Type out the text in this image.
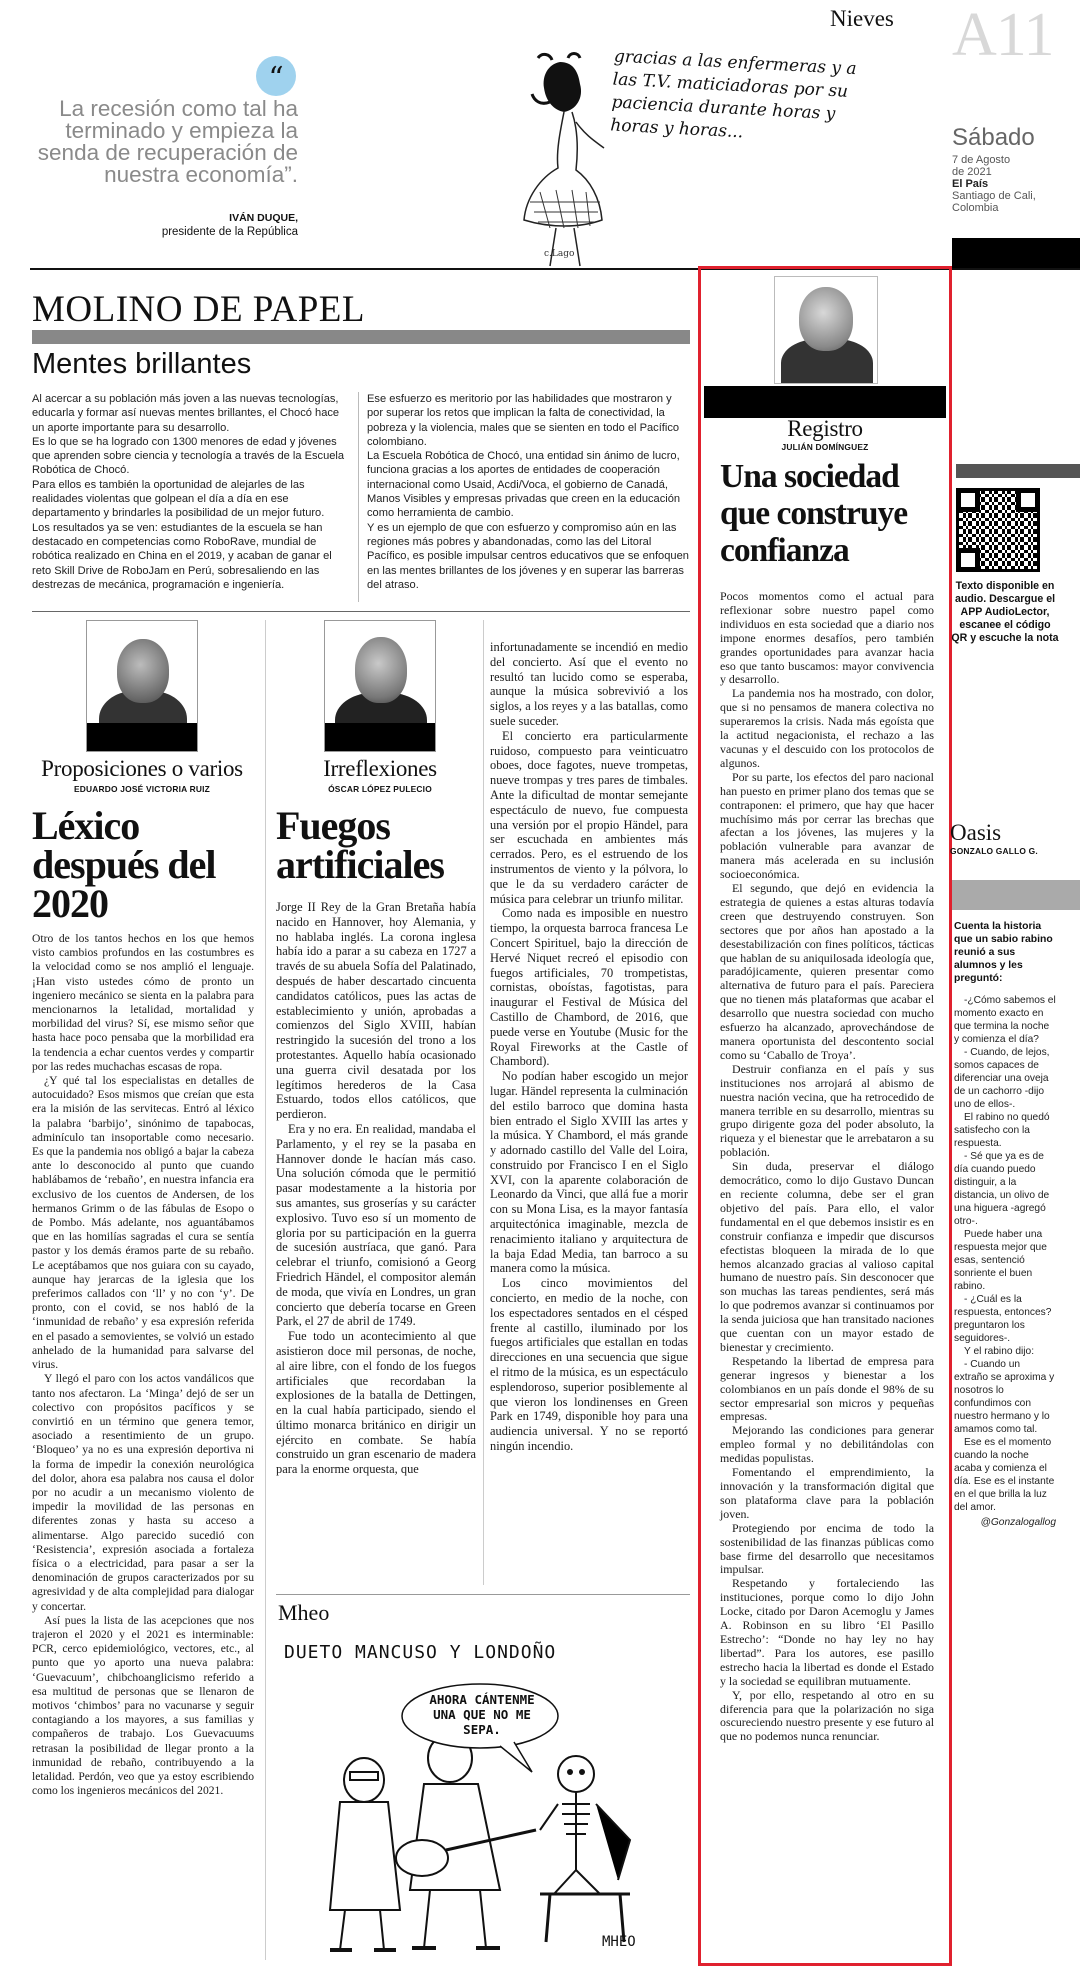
Nieves A11
Sábado
7 de Agosto
de 2021
El País
Santiago de Cali,
Colombia
“
La recesión como tal ha terminado y empieza la senda de recuperación de nuestra economía”.
IVÁN DUQUE,
presidente de la República
c.Lago
gracias a las enfermeras y a las T.V. maticiadoras por su paciencia durante horas y horas y horas...
MOLINO DE PAPEL
Mentes brillantes
Al acercar a su población más joven a las nuevas tecnologías, educarla y formar así nuevas mentes brillantes, el Chocó hace un aporte importante para su desarrollo.
Es lo que se ha logrado con 1300 menores de edad y jóvenes que aprenden sobre ciencia y tecnología a través de la Escuela Robótica de Chocó.
Para ellos es también la oportunidad de alejarles de las realidades violentas que golpean el día a día en ese departamento y brindarles la posibilidad de un mejor futuro.
Los resultados ya se ven: estudiantes de la escuela se han destacado en competencias como RoboRave, mundial de robótica realizado en China en el 2019, y acaban de ganar el reto Skill Drive de RoboJam en Perú, sobresaliendo en las destrezas de mecánica, programación e ingeniería.
Ese esfuerzo es meritorio por las habilidades que mostraron y por superar los retos que implican la falta de conectividad, la pobreza y la violencia, males que se sienten en todo el Pacífico colombiano.
La Escuela Robótica de Chocó, una entidad sin ánimo de lucro, funciona gracias a los aportes de entidades de cooperación internacional como Usaid, Acdi/Voca, el gobierno de Canadá, Manos Visibles y empresas privadas que creen en la educación como herramienta de cambio.
Y es un ejemplo de que con esfuerzo y compromiso aún en las regiones más pobres y abandonadas, como las del Litoral Pacífico, es posible impulsar centros educativos que se enfoquen en las mentes brillantes de los jóvenes y en superar las barreras del atraso.
Proposiciones o varios
EDUARDO JOSÉ VICTORIA RUIZ
Léxico después del 2020

Otro de los tantos hechos en los que hemos visto cambios profundos en las costumbres es la velocidad como se nos amplió el lenguaje. ¡Han visto ustedes cómo de pronto un ingeniero mecánico se sienta en la palabra para mencionarnos la letalidad, mortalidad y morbilidad del virus? Sí, ese mismo señor que hasta hace poco pensaba que la morbilidad era la tendencia a echar cuentos verdes y compartir por las redes muchachas escasas de ropa.

¿Y qué tal los especialistas en detalles de autocuidado? Esos mismos que creían que esta era la misión de las servitecas. Entró al léxico la palabra ‘barbijo’, sinónimo de tapabocas, adminículo tan insoportable como necesario. Es que la pandemia nos obligó a bajar la cabeza ante lo desconocido al punto que cuando hablábamos de ‘rebaño’, en nuestra infancia era exclusivo de los cuentos de Andersen, de los hermanos Grimm o de las fábulas de Esopo o de Pombo. Más adelante, nos aguantábamos que en las homilías sagradas el cura se sentía pastor y los demás éramos parte de su rebaño. Le aceptábamos que nos guiara con su cayado, aunque hay jerarcas de la iglesia que los preferimos callados con ‘ll’ y no con ‘y’. De pronto, con el covid, se nos habló de la ‘inmunidad de rebaño’ y esa expresión referida en el pasado a semovientes, se volvió un estado anhelado de la humanidad para salvarse del virus.

Y llegó el paro con los actos vandálicos que tanto nos afectaron. La ‘Minga’ dejó de ser un colectivo con propósitos pacíficos y se convirtió en un término que genera temor, asociado a resentimiento de un grupo. ‘Bloqueo’ ya no es una expresión deportiva ni la forma de impedir la conexión neurológica del dolor, ahora esa palabra nos causa el dolor por no acudir a un mecanismo violento de impedir la movilidad de las personas en diferentes zonas y hasta su acceso a alimentarse. Algo parecido sucedió con ‘Resistencia’, expresión asociada a fortaleza física o a electricidad, para pasar a ser la denominación de grupos caracterizados por su agresividad y de alta complejidad para dialogar y concertar.

Así pues la lista de las acepciones que nos trajeron el 2020 y el 2021 es interminable: PCR, cerco epidemiológico, vectores, etc., al punto que yo aporto una nueva palabra: ‘Guevacuum’, chibchoanglicismo referido a esa multitud de personas que se llenaron de motivos ‘chimbos’ para no vacunarse y seguir contagiando a los mayores, a sus familias y compañeros de trabajo. Los Guevacuums retrasan la posibilidad de llegar pronto a la inmunidad de rebaño, contribuyendo a la letalidad. Perdón, veo que ya estoy escribiendo como los ingenieros mecánicos del 2021.

Irreflexiones
ÓSCAR LÓPEZ PULECIO
Fuegos artificiales

Jorge II Rey de la Gran Bretaña había nacido en Hannover, hoy Alemania, y no hablaba inglés. La corona inglesa había ido a parar a su cabeza en 1727 a través de su abuela Sofía del Palatinado, después de haber descartado cincuenta candidatos católicos, pues las actas de establecimiento y unión, aprobadas a comienzos del Siglo XVIII, habían restringido la sucesión del trono a los protestantes. Aquello había ocasionado una guerra civil desatada por los legítimos herederos de la Casa Estuardo, todos ellos católicos, que perdieron.

Era y no era. En realidad, mandaba el Parlamento, y el rey se la pasaba en Hannover donde le hacían más caso. Una solución cómoda que le permitió pasar modestamente a la historia por sus amantes, sus groserías y su carácter explosivo. Tuvo eso sí un momento de gloria por su participación en la guerra de sucesión austríaca, que ganó. Para celebrar el triunfo, comisionó a Georg Friedrich Händel, el compositor alemán de moda, que vivía en Londres, un gran concierto que debería tocarse en Green Park, el 27 de abril de 1749.

Fue todo un acontecimiento al que asistieron doce mil personas, de noche, al aire libre, con el fondo de los fuegos artificiales que recordaban la explosiones de la batalla de Dettingen, en la cual había participado, siendo el último monarca británico en dirigir un ejército en combate. Se había construido un gran escenario de madera para la enorme orquesta, que

infortunadamente se incendió en medio del concierto. Así que el evento no resultó tan lucido como se esperaba, aunque la música sobrevivió a los siglos, a los reyes y a las batallas, como suele suceder.

El concierto era particularmente ruidoso, compuesto para veinticuatro oboes, doce fagotes, nueve trompetas, nueve trompas y tres pares de timbales. Ante la dificultad de montar semejante espectáculo de nuevo, fue compuesta una versión por el propio Händel, para ser escuchada en ambientes más cerrados. Pero, es el estruendo de los instrumentos de viento y la pólvora, lo que le da su verdadero carácter de música para celebrar un triunfo militar.

Como nada es imposible en nuestro tiempo, la orquesta barroca francesa Le Concert Spirituel, bajo la dirección de Hervé Niquet recreó el episodio con fuegos artificiales, 70 trompetistas, cornistas, oboístas, fagotistas, para inaugurar el Festival de Música del Castillo de Chambord, de 2016, que puede verse en Youtube (Music for the Royal Fireworks at the Castle of Chambord).

No podían haber escogido un mejor lugar. Händel representa la culminación del estilo barroco que domina hasta bien entrado el Siglo XVIII las artes y la música. Y Chambord, el más grande y adornado castillo del Valle del Loira, construido por Francisco I en el Siglo XVI, con la aparente colaboración de Leonardo da Vinci, que allá fue a morir con su Mona Lisa, es la mayor fantasía arquitectónica imaginable, mezcla de renacimiento italiano y arquitectura de la baja Edad Media, tan barroco a su manera como la música.

Los cinco movimientos del concierto, en medio de la noche, con los espectadores sentados en el césped frente al castillo, iluminado por los fuegos artificiales que estallan en todas direcciones en una secuencia que sigue el ritmo de la música, es un espectáculo esplendoroso, superior posiblemente al que vieron los londinenses en Green Park en 1749, disponible hoy para una audiencia universal. Y no se reportó ningún incendio.

Mheo
DUETO MANCUSO Y LONDOÑO
MHEO
AHORA CÁNTENME UNA QUE NO ME SEPA.
Registro
JULIÁN DOMÍNGUEZ
Una sociedad que construye confianza

Pocos momentos como el actual para reflexionar sobre nuestro papel como individuos en esta sociedad que a diario nos impone enormes desafíos, pero también grandes oportunidades para avanzar hacia eso que tanto buscamos: mayor convivencia y desarrollo.

La pandemia nos ha mostrado, con dolor, que si no pensamos de manera colectiva no superaremos la crisis. Nada más egoísta que la actitud negacionista, el rechazo a las vacunas y el descuido con los protocolos de algunos.

Por su parte, los efectos del paro nacional han puesto en primer plano dos temas que se contraponen: el primero, que hay que hacer muchísimo más por cerrar las brechas que afectan a los jóvenes, las mujeres y la población vulnerable para avanzar de manera más acelerada en su inclusión socioeconómica.

El segundo, que dejó en evidencia la estrategia de quienes a estas alturas todavía creen que destruyendo construyen. Son sectores que por años han apostado a la desestabilización con fines políticos, tácticas que hablan de su aniquilosada ideología que, paradójicamente, quieren presentar como alternativa de futuro para el país. Pareciera que no tienen más plataformas que acabar el desarrollo que nuestra sociedad con mucho esfuerzo ha alcanzado, aprovechándose de manera oportunista del descontento social como su ‘Caballo de Troya’.

Destruir confianza en el país y sus instituciones nos arrojará al abismo de nuestra nación vecina, que ha retrocedido de manera terrible en su desarrollo, mientras su grupo dirigente goza del poder absoluto, la riqueza y el bienestar que le arrebataron a su población.

Sin duda, preservar el diálogo democrático, como lo dijo Gustavo Duncan en reciente columna, debe ser el gran objetivo del país. Para ello, el valor fundamental en el que debemos insistir es en construir confianza e impedir que discursos efectistas bloqueen la mirada de lo que hemos alcanzado gracias al valioso capital humano de nuestro país. Sin desconocer que son muchas las tareas pendientes, será más lo que podremos avanzar si continuamos por la senda juiciosa que han transitado naciones que cuentan con un mayor estado de bienestar y crecimiento.

Respetando la libertad de empresa para generar ingresos y bienestar a los colombianos en un país donde el 98% de su sector empresarial son micros y pequeñas empresas.

Mejorando las condiciones para generar empleo formal y no debilitándolas con medidas populistas.

Fomentando el emprendimiento, la innovación y la transformación digital que son plataforma clave para la población joven.

Protegiendo por encima de todo la sostenibilidad de las finanzas públicas como base firme del desarrollo que necesitamos impulsar.

Respetando y fortaleciendo las instituciones, porque como lo dijo John Locke, citado por Daron Acemoglu y James A. Robinson en su libro ‘El Pasillo Estrecho’: “Donde no hay ley no hay libertad”. Para los autores, ese pasillo estrecho hacia la libertad es donde el Estado y la sociedad se equilibran mutuamente.

Y, por ello, respetando al otro en su diferencia para que la polarización no siga oscureciendo nuestro presente y ese futuro al que no podemos nunca renunciar.

Texto disponible en audio. Descargue el APP AudioLector, escanee el código QR y escuche la nota
Oasis
GONZALO GALLO G.
Cuenta la historia que un sabio rabino reunió a sus alumnos y les preguntó:
-¿Cómo sabemos el momento exacto en que termina la noche y comienza el día?
- Cuando, de lejos, somos capaces de diferenciar una oveja de un cachorro -dijo uno de ellos-.
El rabino no quedó satisfecho con la respuesta.
- Sé que ya es de día cuando puedo distinguir, a la distancia, un olivo de una higuera -agregó otro-.
Puede haber una respuesta mejor que esas, sentenció sonriente el buen rabino.
- ¿Cuál es la respuesta, entonces? preguntaron los seguidores-.
Y el rabino dijo:
- Cuando un extraño se aproxima y nosotros lo confundimos con nuestro hermano y lo amamos como tal.
Ese es el momento cuando la noche acaba y comienza el día. Ese es el instante en el que brilla la luz del amor.
@Gonzalogallog
